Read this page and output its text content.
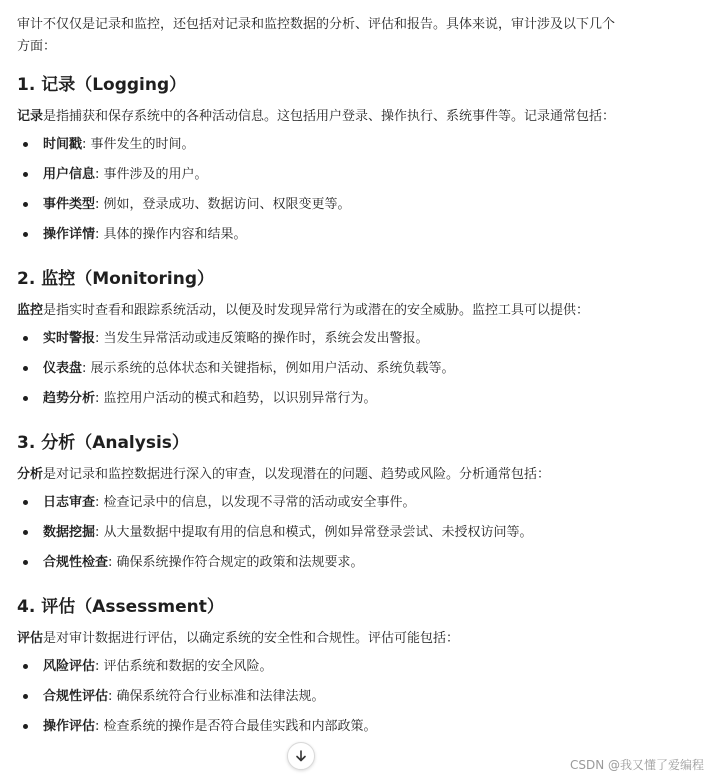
审计不仅仅是记录和监控，还包括对记录和监控数据的分析、评估和报告。具体来说，审计涉及以下几个方面：

1. 记录（Logging）

记录是指捕获和保存系统中的各种活动信息。这包括用户登录、操作执行、系统事件等。记录通常包括：

时间戳: 事件发生的时间。
用户信息: 事件涉及的用户。
事件类型: 例如，登录成功、数据访问、权限变更等。
操作详情: 具体的操作内容和结果。
2. 监控（Monitoring）

监控是指实时查看和跟踪系统活动，以便及时发现异常行为或潜在的安全威胁。监控工具可以提供：

实时警报: 当发生异常活动或违反策略的操作时，系统会发出警报。
仪表盘: 展示系统的总体状态和关键指标，例如用户活动、系统负载等。
趋势分析: 监控用户活动的模式和趋势，以识别异常行为。
3. 分析（Analysis）

分析是对记录和监控数据进行深入的审查，以发现潜在的问题、趋势或风险。分析通常包括：

日志审查: 检查记录中的信息，以发现不寻常的活动或安全事件。
数据挖掘: 从大量数据中提取有用的信息和模式，例如异常登录尝试、未授权访问等。
合规性检查: 确保系统操作符合规定的政策和法规要求。
4. 评估（Assessment）

评估是对审计数据进行评估，以确定系统的安全性和合规性。评估可能包括：

风险评估: 评估系统和数据的安全风险。
合规性评估: 确保系统符合行业标准和法律法规。
操作评估: 检查系统的操作是否符合最佳实践和内部政策。
CSDN @我又懂了爱编程
